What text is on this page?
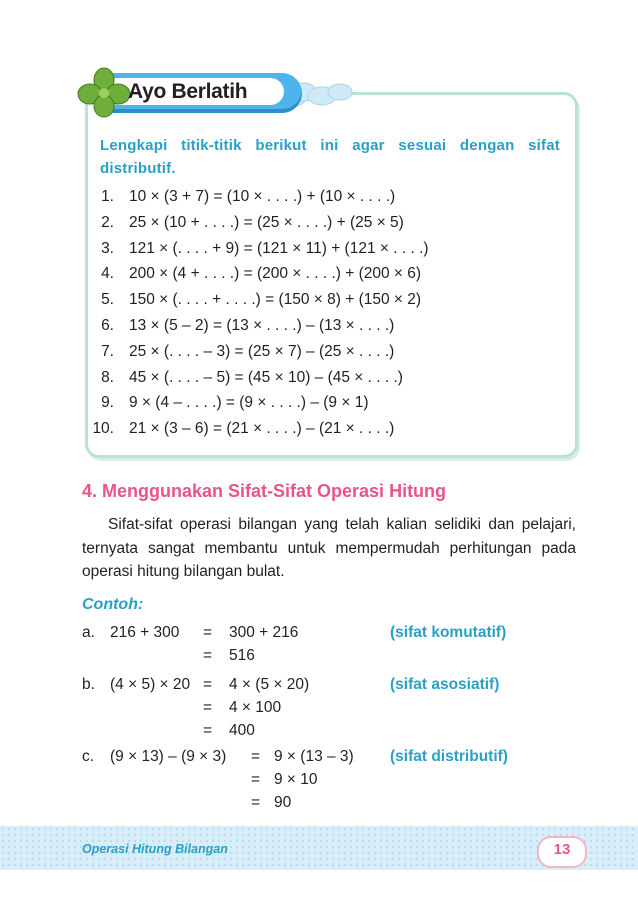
Ayo Berlatih
Lengkapi titik-titik berikut ini agar sesuai dengan sifat distributif.
1. 10 × (3 + 7) = (10 × . . . .) + (10 × . . . .)
2. 25 × (10 + . . . .) = (25 × . . . .) + (25 × 5)
3. 121 × (. . . . + 9) = (121 × 11) + (121 × . . . .)
4. 200 × (4 + . . . .) = (200 × . . . .) + (200 × 6)
5. 150 × (. . . . + . . . .) = (150 × 8) + (150 × 2)
6. 13 × (5 – 2) = (13 × . . . .) – (13 × . . . .)
7. 25 × (. . . . – 3) = (25 × 7) – (25 × . . . .)
8. 45 × (. . . . – 5) = (45 × 10) – (45 × . . . .)
9. 9 × (4 – . . . .) = (9 × . . . .) – (9 × 1)
10. 21 × (3 – 6) = (21 × . . . .) – (21 × . . . .)
4. Menggunakan Sifat-Sifat Operasi Hitung

Sifat-sifat operasi bilangan yang telah kalian selidiki dan pelajari, ternyata sangat membantu untuk mempermudah perhitungan pada operasi hitung bilangan bulat.

Contoh:
a. 216 + 300 = 300 + 216	(sifat komutatif)
= 516
b. (4 × 5) × 20 = 4 × (5 × 20)	(sifat asosiatif)
= 4 × 100
= 400
c. (9 × 13) – (9 × 3) = 9 × (13 – 3) (sifat distributif)
= 9 × 10
= 90
Operasi Hitung Bilangan	13
